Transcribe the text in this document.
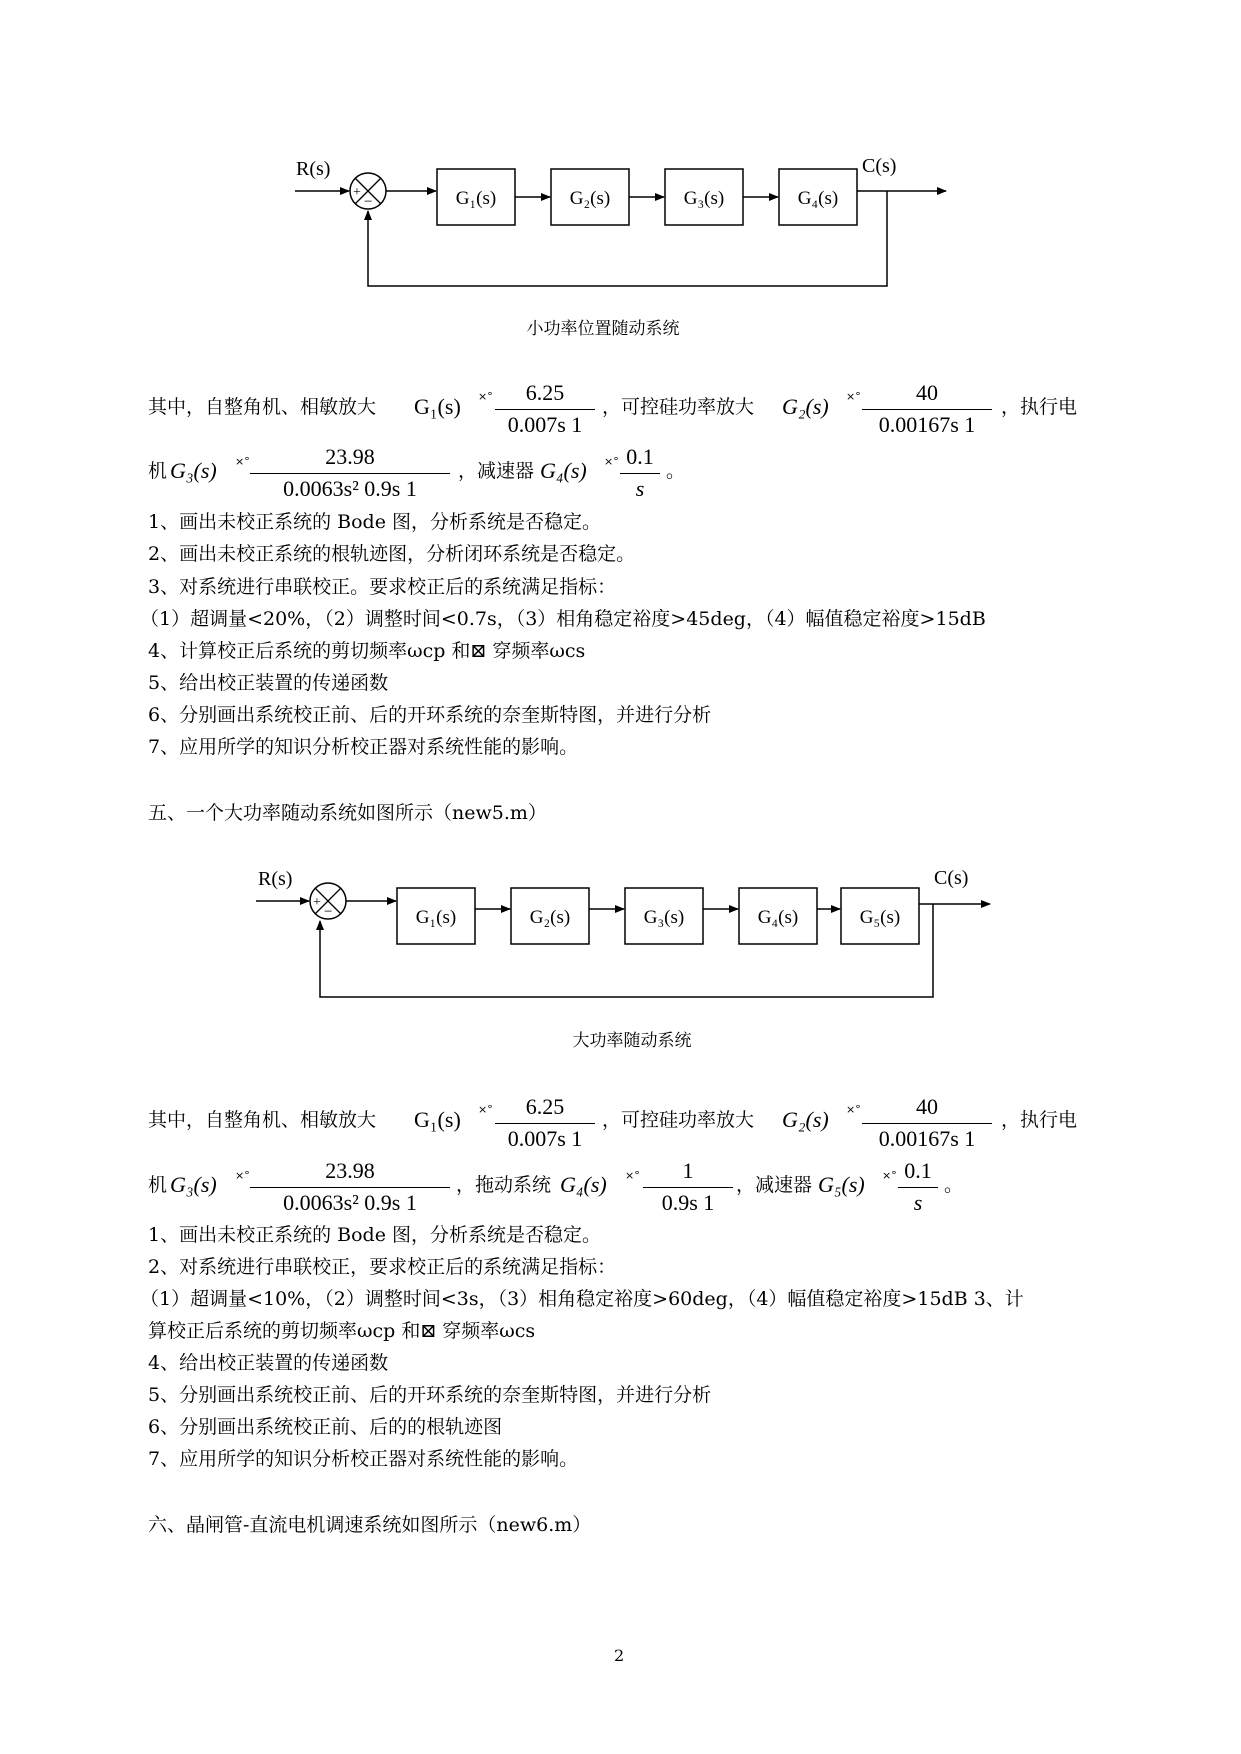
R(s)
+
−	G₁(s)	G₂(s)	G₃(s)	G₄(s)
C(s)
小功率位置随动系统
其中，自整角机、相敏放大 G₁(s) ×°	6.25
0.007s 1
，可控硅功率放大 G₂(s) ×°	40
0.00167s 1
，执行电
机 G₃(s) ×°	23.98
0.0063s² 0.9s 1
，减速器 G₄(s) ×° 0.1
s
。
1、画出未校正系统的 Bode 图，分析系统是否稳定。
2、画出未校正系统的根轨迹图，分析闭环系统是否稳定。
3、对系统进行串联校正。要求校正后的系统满足指标：
（1）超调量<20%，（2）调整时间<0.7s，（3）相角稳定裕度>45deg，（4）幅值稳定裕度>15dB
4、计算校正后系统的剪切频率ωcp 和⊠ 穿频率ωcs
5、给出校正装置的传递函数
6、分别画出系统校正前、后的开环系统的奈奎斯特图，并进行分析
7、应用所学的知识分析校正器对系统性能的影响。
五、一个大功率随动系统如图所示（new5.m）
R(s)
+
−	G₁(s)	G₂(s)	G₃(s)	G₄(s)	G₅(s)
C(s)
大功率随动系统
其中，自整角机、相敏放大 G₁(s) ×°	6.25
0.007s 1
，可控硅功率放大 G₂(s) ×°	40
0.00167s 1
，执行电
机 G₃(s) ×°	23.98
0.0063s² 0.9s 1
，拖动系统 G₄(s) ×°	1
0.9s 1
，减速器 G₅(s) ×° 0.1
s
。
1、画出未校正系统的 Bode 图，分析系统是否稳定。
2、对系统进行串联校正，要求校正后的系统满足指标：
（1）超调量<10%，（2）调整时间<3s，（3）相角稳定裕度>60deg，（4）幅值稳定裕度>15dB 3、计
算校正后系统的剪切频率ωcp 和⊠ 穿频率ωcs
4、给出校正装置的传递函数
5、分别画出系统校正前、后的开环系统的奈奎斯特图，并进行分析
6、分别画出系统校正前、后的的根轨迹图
7、应用所学的知识分析校正器对系统性能的影响。
六、晶闸管-直流电机调速系统如图所示（new6.m）
2
